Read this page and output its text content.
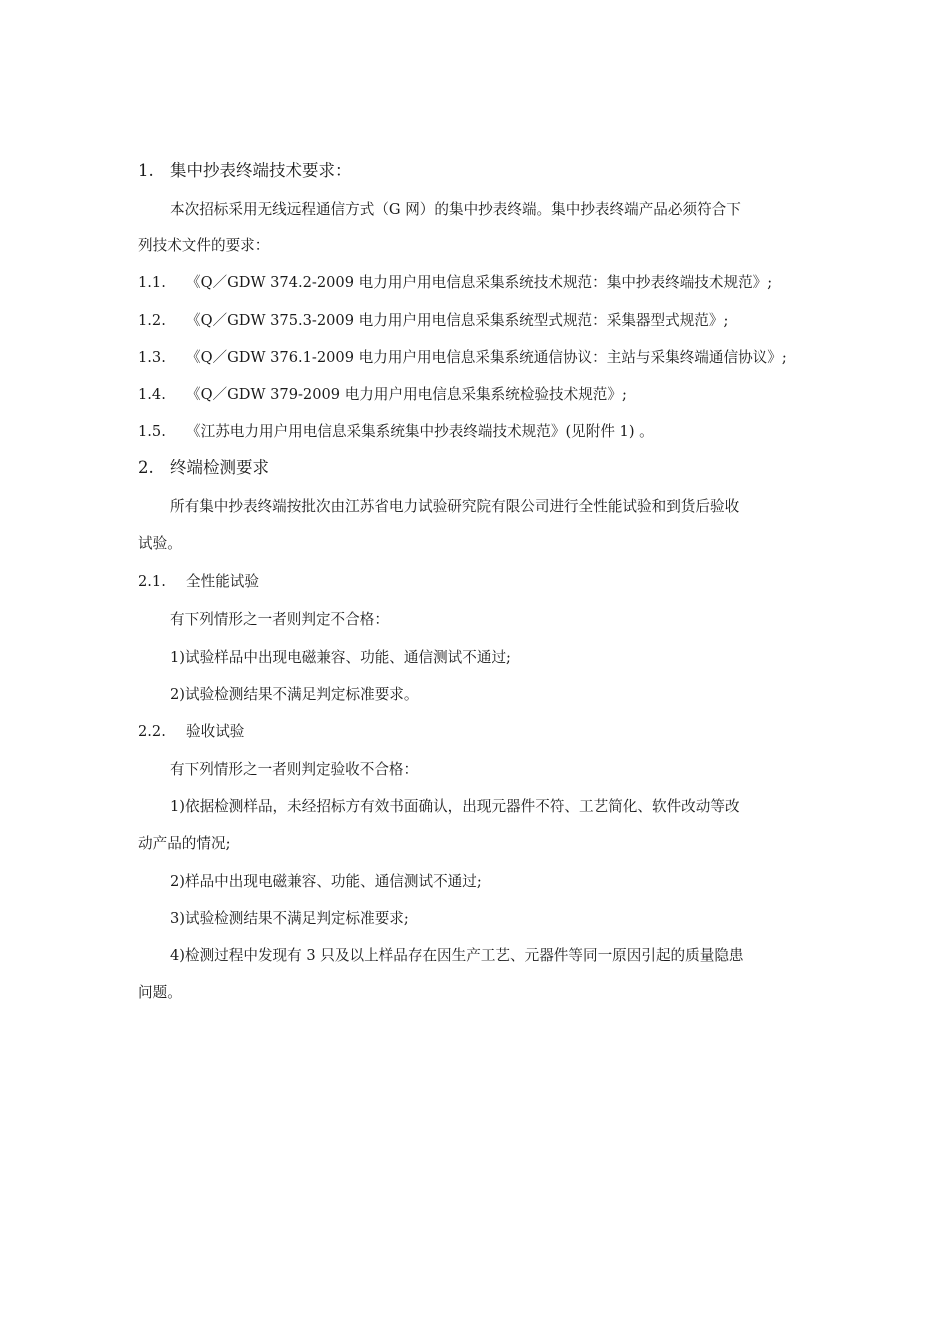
1. 集中抄表终端技术要求：
本次招标采用无线远程通信方式（G 网）的集中抄表终端。集中抄表终端产品必须符合下
列技术文件的要求：
1.1. 《Q／GDW 374.2-2009 电力用户用电信息采集系统技术规范：集中抄表终端技术规范》;
1.2. 《Q／GDW 375.3-2009 电力用户用电信息采集系统型式规范：采集器型式规范》;
1.3. 《Q／GDW 376.1-2009 电力用户用电信息采集系统通信协议：主站与采集终端通信协议》;
1.4. 《Q／GDW 379-2009 电力用户用电信息采集系统检验技术规范》;
1.5. 《江苏电力用户用电信息采集系统集中抄表终端技术规范》(见附件 1) 。
2. 终端检测要求
所有集中抄表终端按批次由江苏省电力试验研究院有限公司进行全性能试验和到货后验收
试验。
2.1. 全性能试验
有下列情形之一者则判定不合格：
1)试验样品中出现电磁兼容、功能、通信测试不通过;
2)试验检测结果不满足判定标准要求。
2.2. 验收试验
有下列情形之一者则判定验收不合格：
1)依据检测样品，未经招标方有效书面确认，出现元器件不符、工艺简化、软件改动等改
动产品的情况;
2)样品中出现电磁兼容、功能、通信测试不通过;
3)试验检测结果不满足判定标准要求;
4)检测过程中发现有 3 只及以上样品存在因生产工艺、元器件等同一原因引起的质量隐患
问题。
